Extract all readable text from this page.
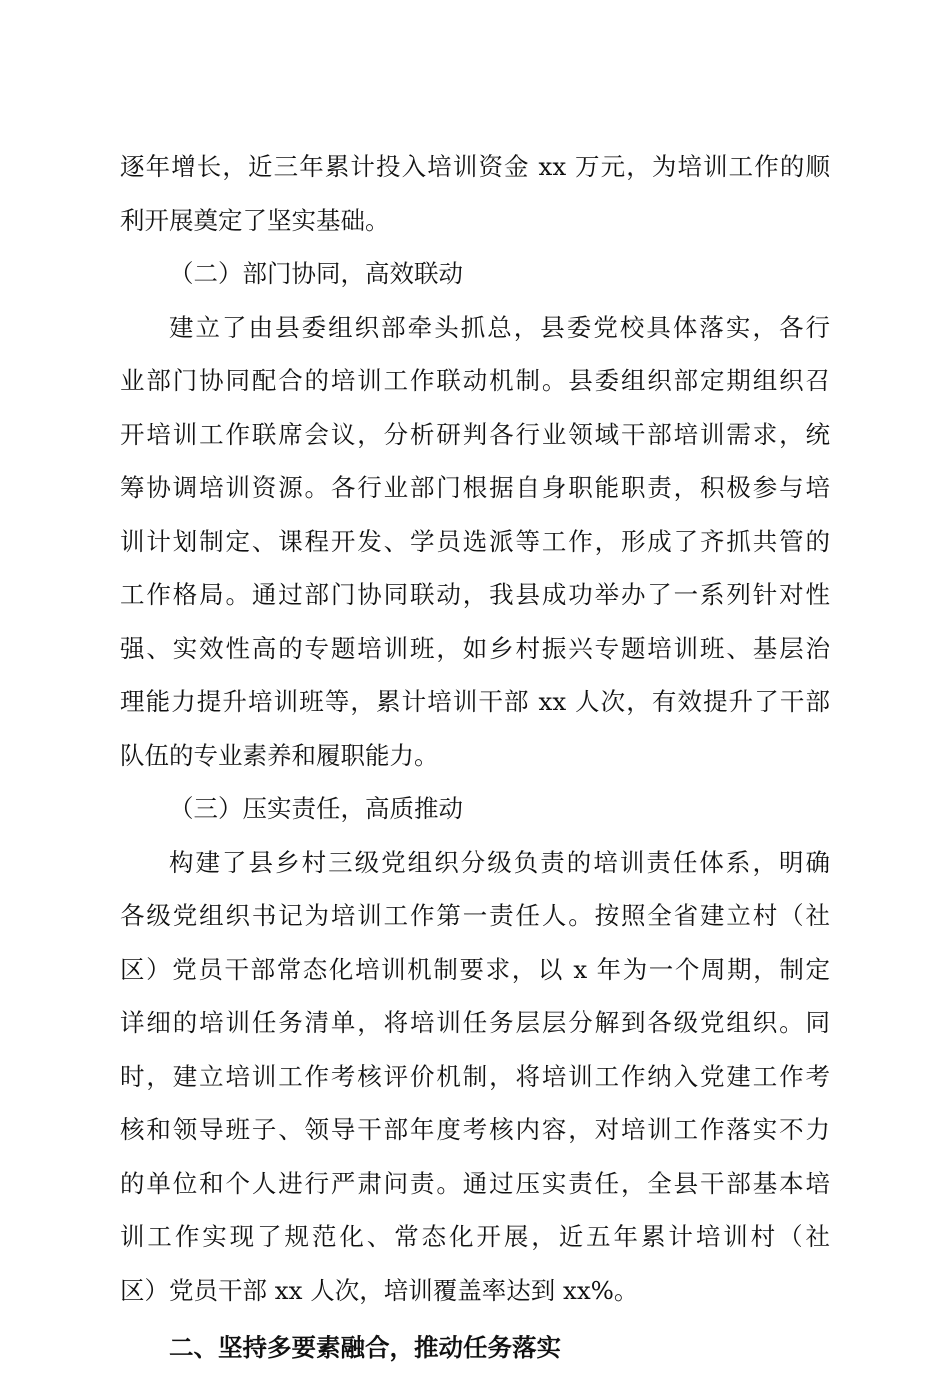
逐年增长，近三年累计投入培训资金 xx 万元，为培训工作的顺
利开展奠定了坚实基础。
（二）部门协同，高效联动
建立了由县委组织部牵头抓总，县委党校具体落实，各行
业部门协同配合的培训工作联动机制。县委组织部定期组织召
开培训工作联席会议，分析研判各行业领域干部培训需求，统
筹协调培训资源。各行业部门根据自身职能职责，积极参与培
训计划制定、课程开发、学员选派等工作，形成了齐抓共管的
工作格局。通过部门协同联动，我县成功举办了一系列针对性
强、实效性高的专题培训班，如乡村振兴专题培训班、基层治
理能力提升培训班等，累计培训干部 xx 人次，有效提升了干部
队伍的专业素养和履职能力。
（三）压实责任，高质推动
构建了县乡村三级党组织分级负责的培训责任体系，明确
各级党组织书记为培训工作第一责任人。按照全省建立村（社
区）党员干部常态化培训机制要求，以 x 年为一个周期，制定
详细的培训任务清单，将培训任务层层分解到各级党组织。同
时，建立培训工作考核评价机制，将培训工作纳入党建工作考
核和领导班子、领导干部年度考核内容，对培训工作落实不力
的单位和个人进行严肃问责。通过压实责任，全县干部基本培
训工作实现了规范化、常态化开展，近五年累计培训村（社
区）党员干部 xx 人次，培训覆盖率达到 xx%。
二、坚持多要素融合，推动任务落实
